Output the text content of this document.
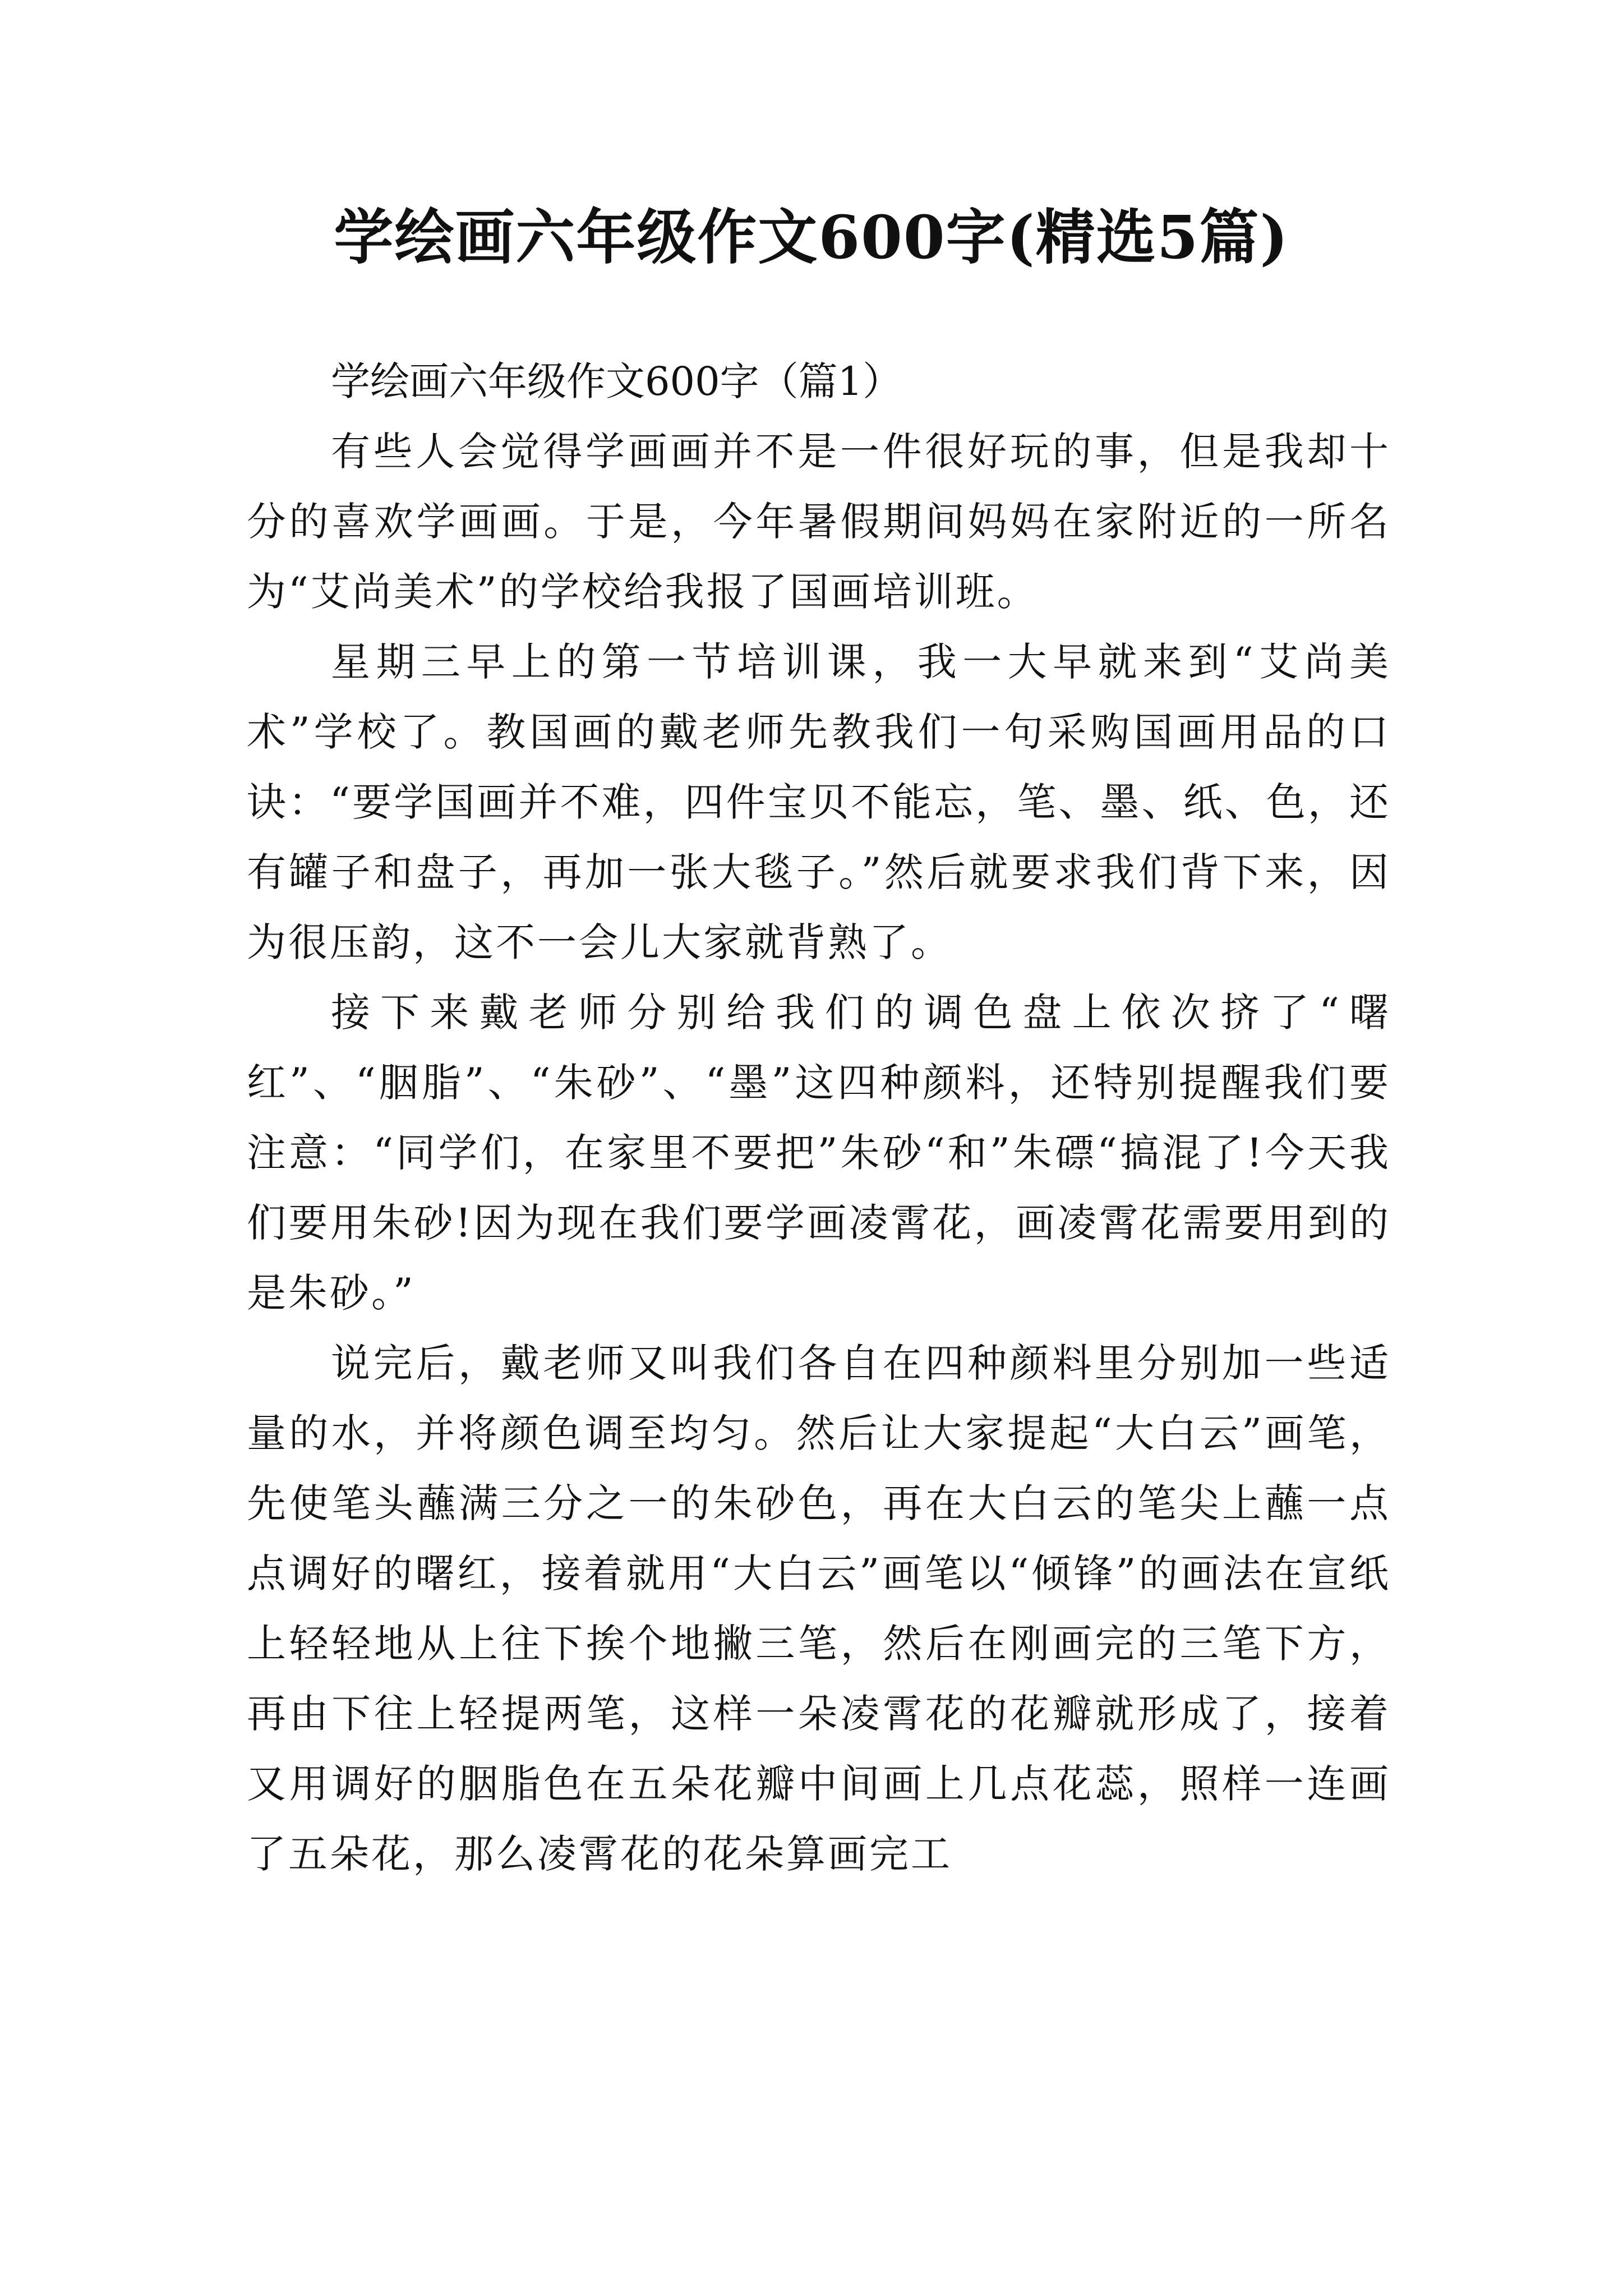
学绘画六年级作文600字(精选5篇)
学绘画六年级作文600字（篇1）

有些人会觉得学画画并不是一件很好玩的事，但是我却十分的喜欢学画画。于是，今年暑假期间妈妈在家附近的一所名为“艾尚美术”的学校给我报了国画培训班。

星期三早上的第一节培训课，我一大早就来到“艾尚美术”学校了。教国画的戴老师先教我们一句采购国画用品的口诀：“要学国画并不难，四件宝贝不能忘，笔、墨、纸、色，还有罐子和盘子，再加一张大毯子。”然后就要求我们背下来，因为很压韵，这不一会儿大家就背熟了。

接下来戴老师分别给我们的调色盘上依次挤了“曙红”、“胭脂”、“朱砂”、“墨”这四种颜料，还特别提醒我们要注意：“同学们，在家里不要把”朱砂“和”朱磦“搞混了!今天我们要用朱砂!因为现在我们要学画凌霄花，画凌霄花需要用到的是朱砂。”

说完后，戴老师又叫我们各自在四种颜料里分别加一些适量的水，并将颜色调至均匀。然后让大家提起“大白云”画笔，先使笔头蘸满三分之一的朱砂色，再在大白云的笔尖上蘸一点点调好的曙红，接着就用“大白云”画笔以“倾锋”的画法在宣纸上轻轻地从上往下挨个地撇三笔，然后在刚画完的三笔下方，再由下往上轻提两笔，这样一朵凌霄花的花瓣就形成了，接着又用调好的胭脂色在五朵花瓣中间画上几点花蕊，照样一连画了五朵花，那么凌霄花的花朵算画完工
